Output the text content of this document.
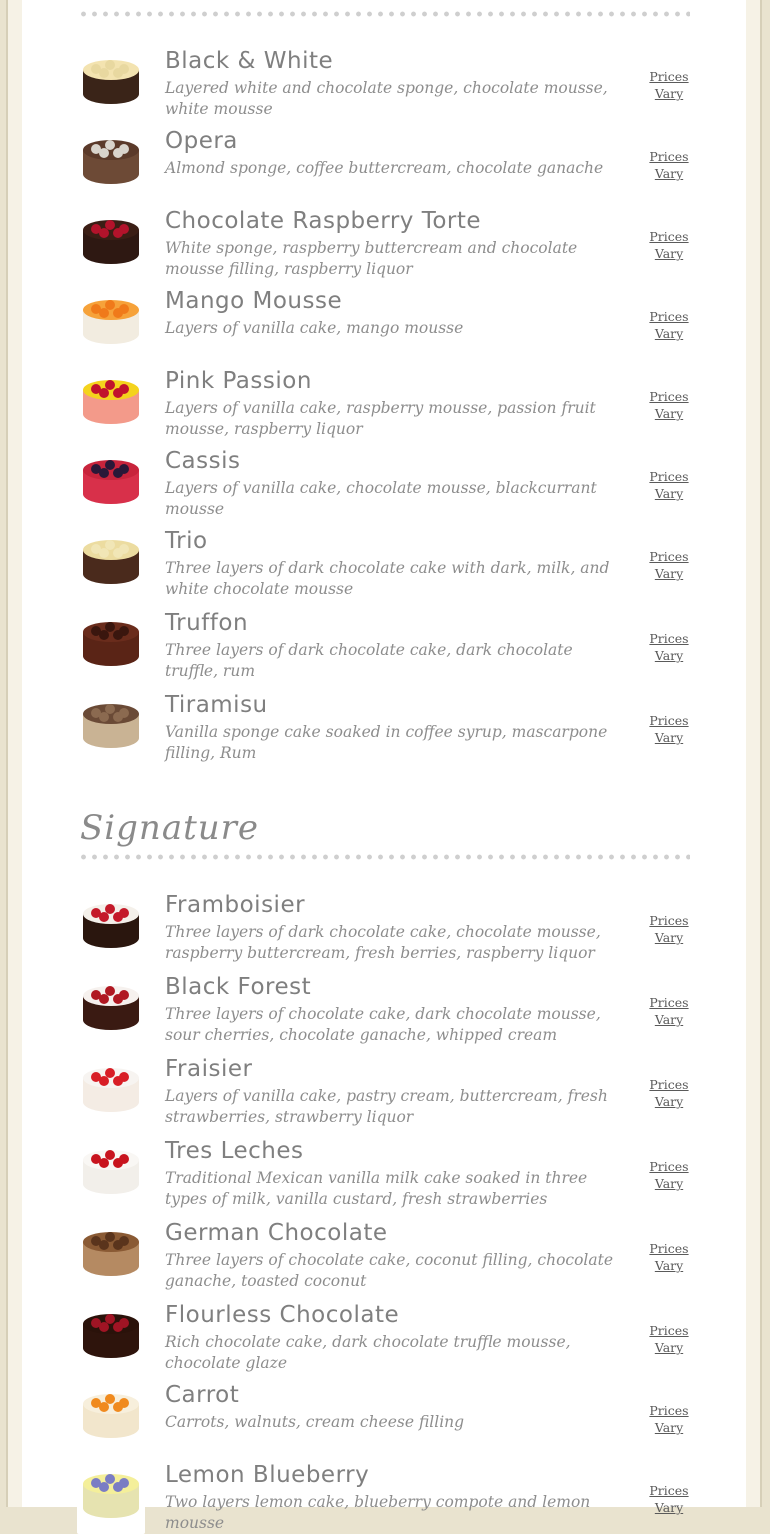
Black & White
Layered white and chocolate sponge, chocolate mousse, white mousse
Prices Vary
Opera
Almond sponge, coffee buttercream, chocolate ganache
Prices Vary
Chocolate Raspberry Torte
White sponge, raspberry buttercream and chocolate mousse filling, raspberry liquor
Prices Vary
Mango Mousse
Layers of vanilla cake, mango mousse
Prices Vary
Pink Passion
Layers of vanilla cake, raspberry mousse, passion fruit mousse, raspberry liquor
Prices Vary
Cassis
Layers of vanilla cake, chocolate mousse, blackcurrant mousse
Prices Vary
Trio
Three layers of dark chocolate cake with dark, milk, and white chocolate mousse
Prices Vary
Truffon
Three layers of dark chocolate cake, dark chocolate truffle, rum
Prices Vary
Tiramisu
Vanilla sponge cake soaked in coffee syrup, mascarpone filling, Rum
Prices Vary
Signature
Framboisier
Three layers of dark chocolate cake, chocolate mousse, raspberry buttercream, fresh berries, raspberry liquor
Prices Vary
Black Forest
Three layers of chocolate cake, dark chocolate mousse, sour cherries, chocolate ganache, whipped cream
Prices Vary
Fraisier
Layers of vanilla cake, pastry cream, buttercream, fresh strawberries, strawberry liquor
Prices Vary
Tres Leches
Traditional Mexican vanilla milk cake soaked in three types of milk, vanilla custard, fresh strawberries
Prices Vary
German Chocolate
Three layers of chocolate cake, coconut filling, chocolate ganache, toasted coconut
Prices Vary
Flourless Chocolate
Rich chocolate cake, dark chocolate truffle mousse, chocolate glaze
Prices Vary
Carrot
Carrots, walnuts, cream cheese filling
Prices Vary
Lemon Blueberry
Two layers lemon cake, blueberry compote and lemon mousse
Prices Vary
